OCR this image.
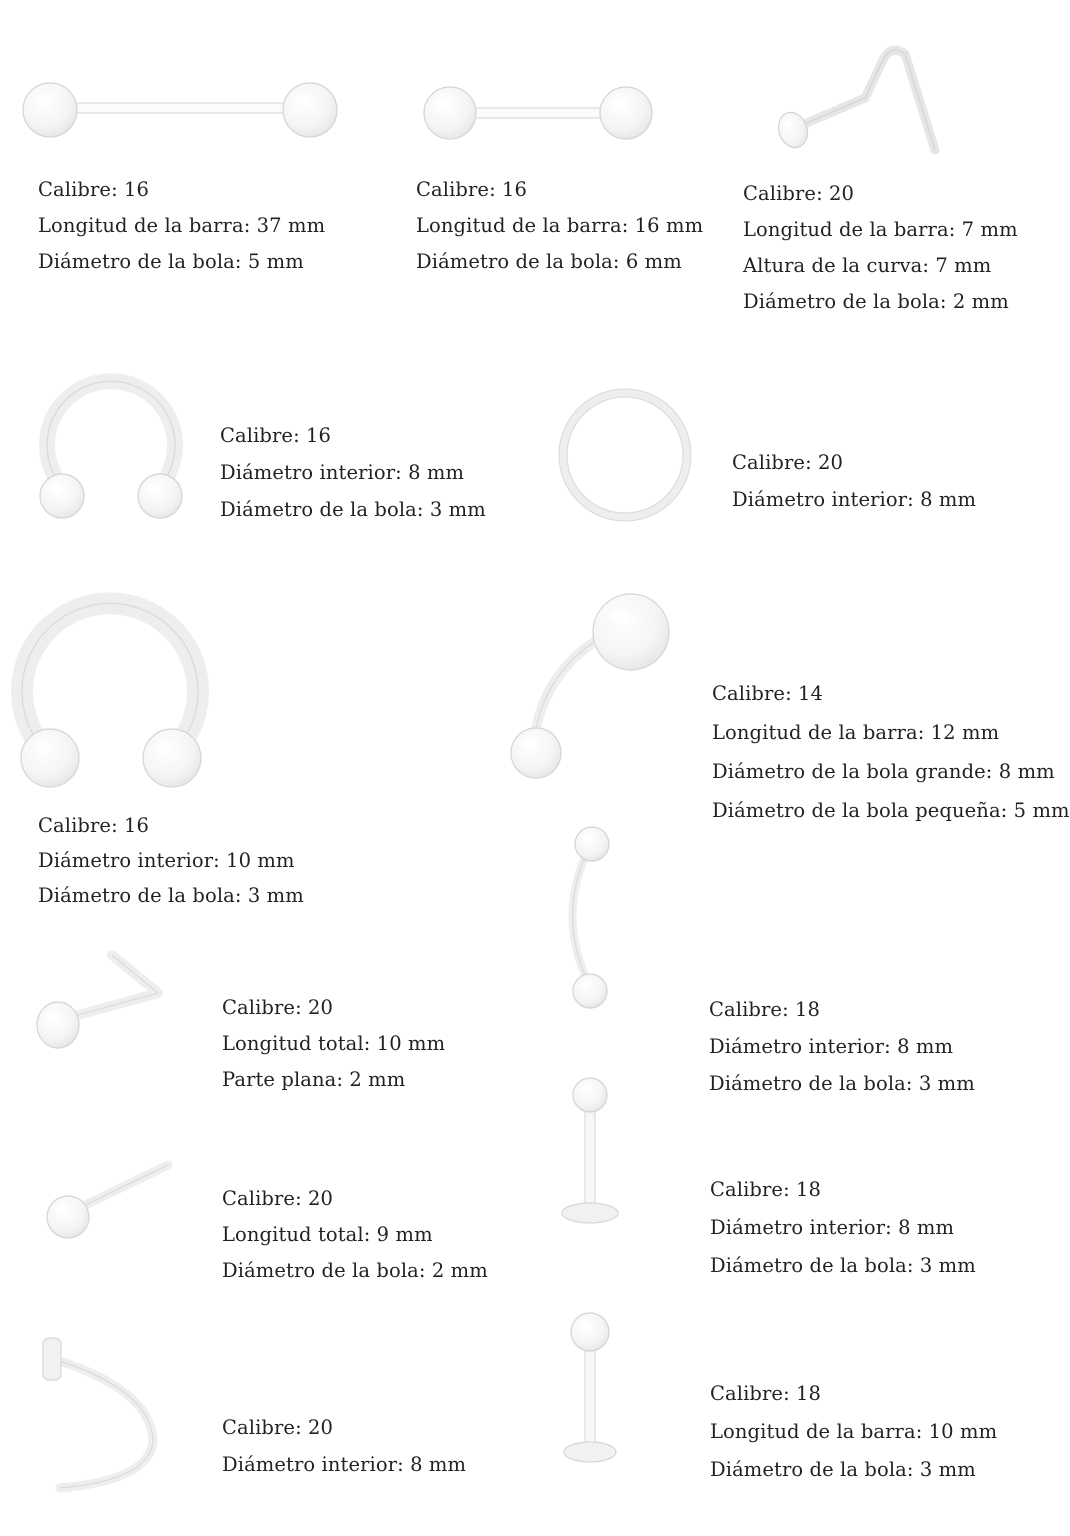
Calibre: 16
Longitud de la barra: 37 mm
Diámetro de la bola: 5 mm
Calibre: 16
Longitud de la barra: 16 mm
Diámetro de la bola: 6 mm
Calibre: 20
Longitud de la barra: 7 mm
Altura de la curva: 7 mm
Diámetro de la bola: 2 mm
Calibre: 16
Diámetro interior: 8 mm
Diámetro de la bola: 3 mm
Calibre: 20
Diámetro interior: 8 mm
Calibre: 16
Diámetro interior: 10 mm
Diámetro de la bola: 3 mm
Calibre: 14
Longitud de la barra: 12 mm
Diámetro de la bola grande: 8 mm
Diámetro de la bola pequeña: 5 mm
Calibre: 18
Diámetro interior: 8 mm
Diámetro de la bola: 3 mm
Calibre: 20
Longitud total: 10 mm
Parte plana: 2 mm
Calibre: 20
Longitud total: 9 mm
Diámetro de la bola: 2 mm
Calibre: 18
Diámetro interior: 8 mm
Diámetro de la bola: 3 mm
Calibre: 20
Diámetro interior: 8 mm
Calibre: 18
Longitud de la barra: 10 mm
Diámetro de la bola: 3 mm
